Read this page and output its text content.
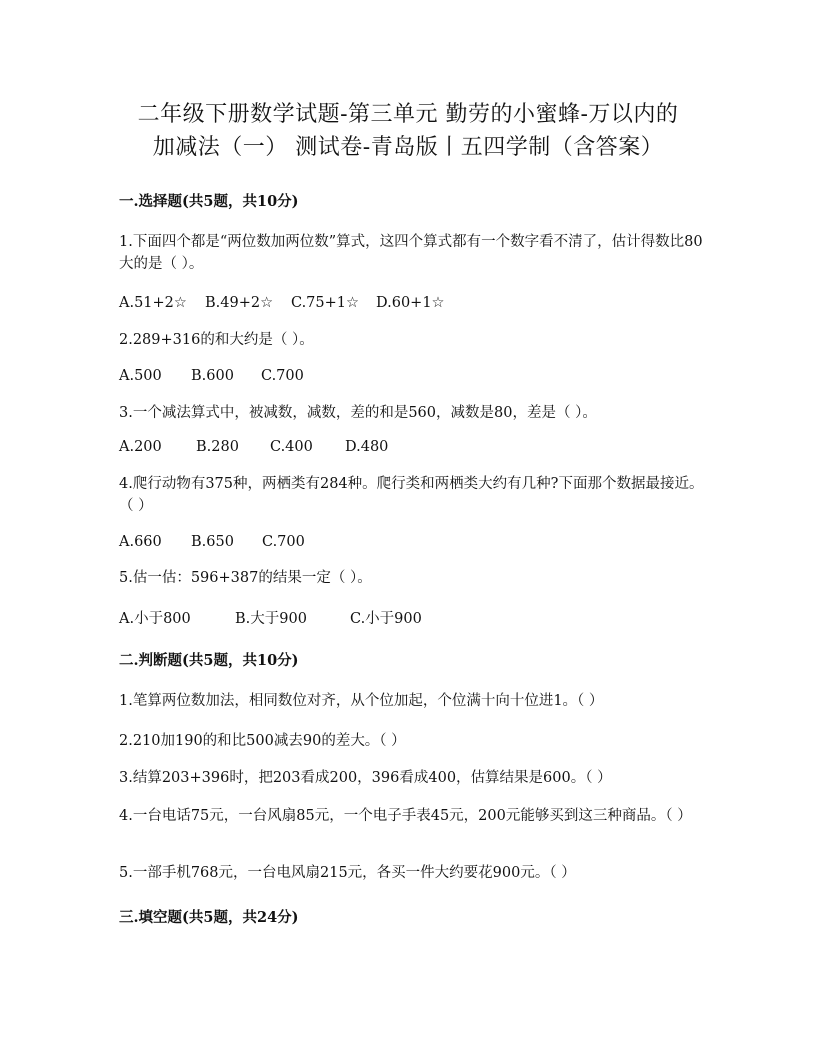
二年级下册数学试题-第三单元 勤劳的小蜜蜂-万以内的
加减法（一） 测试卷-青岛版丨五四学制（含答案）
一.选择题(共5题，共10分)
1.下面四个都是“两位数加两位数”算式，这四个算式都有一个数字看不清了，估计得数比80大的是（ ）。
A.51+2☆ B.49+2☆ C.75+1☆ D.60+1☆
2.289+316的和大约是（ ）。
A.500 B.600 C.700
3.一个减法算式中，被减数，减数，差的和是560，减数是80，差是（ ）。
A.200 B.280 C.400 D.480
4.爬行动物有375种，两栖类有284种。爬行类和两栖类大约有几种?下面那个数据最接近。（ ）
A.660 B.650 C.700
5.估一估：596+387的结果一定（ ）。
A.小于800	B.大于900	C.小于900
二.判断题(共5题，共10分)
1.笔算两位数加法，相同数位对齐，从个位加起，个位满十向十位进1。（ ）
2.210加190的和比500减去90的差大。（ ）
3.结算203+396时，把203看成200，396看成400，估算结果是600。（ ）
4.一台电话75元，一台风扇85元，一个电子手表45元，200元能够买到这三种商品。（ ）
5.一部手机768元，一台电风扇215元，各买一件大约要花900元。（ ）
三.填空题(共5题，共24分)
